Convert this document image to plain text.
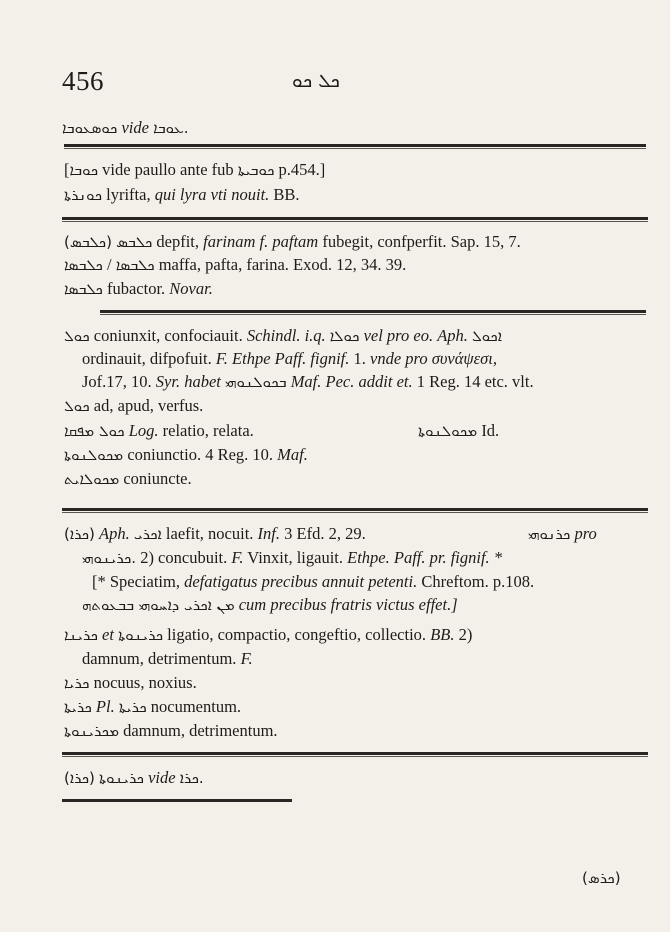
456	ܟܠ ܟܘ
ܟܘܣܥܘܒܐ vide ܥܘܒܐ.
[ܟܘܒܐ vide paullo ante fub ܟܘܒܝܬܐ p.454.]
ܟܘܢܪܬܐ lyrifta, qui lyra vti nouit. BB.
(ܟܠܒܣ) ܟܠܒܣ depfit, farinam f. paftam fubegit, confperfit. Sap. 15, 7.
ܟܠܒܣܐ / ܟܠܒܣܐ maffa, pafta, farina. Exod. 12, 34. 39.
ܟܠܒܣܐ fubactor. Novar.
ܟܘܠ coniunxit, confociauit. Schindl. i.q. ܟܘܠܐ vel pro eo. Aph. ܐܟܘܠ
ordinauit, difpofuit. F. Ethpe Paff. fignif. 1. vnde pro συνάψεσι,
Jof.17, 10. Syr. habet ܒܟܘܠܢܘܗܝ Maf. Pec. addit et. 1 Reg. 14 etc. vlt.
ܟܘܠ ad, apud, verfus.
ܟܘܠ ܡܦܩܐ Log. relatio, relata.	ܡܟܘܠܢܘܬܐ Id.
ܡܟܘܠܢܘܬܐ coniunctio. 4 Reg. 10. Maf.
ܡܟܘܠܐܝܬ coniuncte.
(ܟܪܐ) Aph. ܐܟܪܝ laefit, nocuit. Inf. 3 Efd. 2, 29.	ܟܪܢܘܗܝ pro
ܟܪܝܢܘܗܝ. 2) concubuit. F. Vinxit, ligauit. Ethpe. Paff. pr. fignif. *
[* Speciatim, defatigatus precibus annuit petenti. Chreftom. p.108.
ܡܢ ܐܟܪܝ ܕܐܚܘܗܝ ܒܒܥܘܬܗ cum precibus fratris victus effet.]
ܟܪܝܢܐ et ܟܪܝܢܘܬܐ ligatio, compactio, congeftio, collectio. BB. 2)
damnum, detrimentum. F.
ܟܪܝܐ nocuus, noxius.
ܟܪܝܬܐ Pl. ܟܪܝܬܐ nocumentum.
ܡܟܪܝܢܘܬܐ damnum, detrimentum.
(ܟܪܐ) ܟܪܝܢܘܬܐ vide ܟܪܐ.
(ܟܪܣ)
